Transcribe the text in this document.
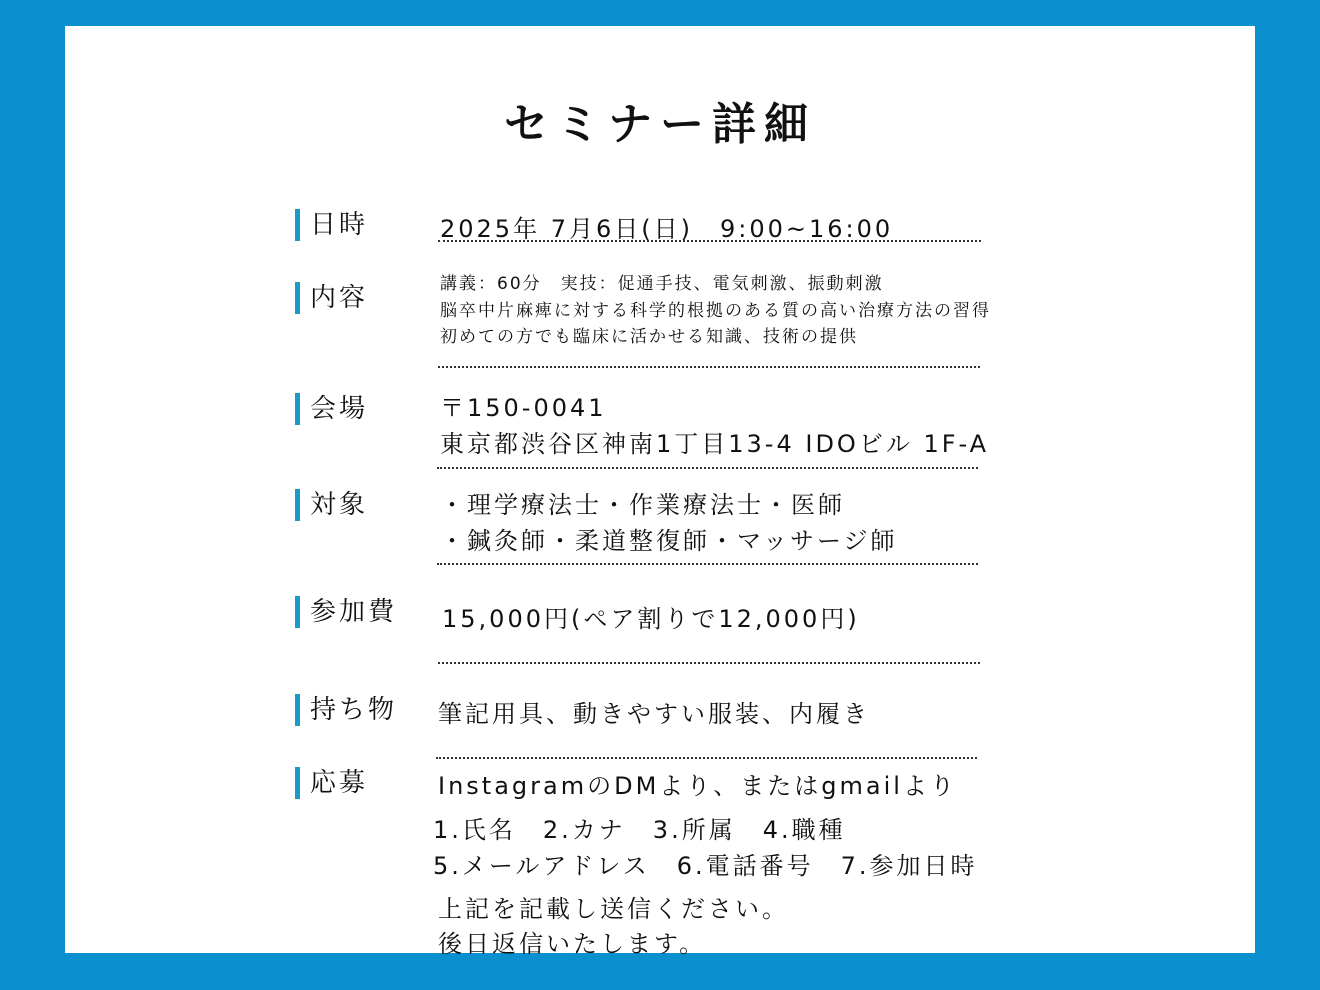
セミナー詳細
日時	2025年 7月6日(日)　9:00~16:00
内容	講義：60分　実技：促通手技、電気刺激、振動刺激
脳卒中片麻痺に対する科学的根拠のある質の高い治療方法の習得
初めての方でも臨床に活かせる知識、技術の提供
会場	〒150-0041
東京都渋谷区神南1丁目13-4 IDOビル 1F-A
対象	・理学療法士・作業療法士・医師
・鍼灸師・柔道整復師・マッサージ師
参加費 15,000円(ペア割りで12,000円)
持ち物 筆記用具、動きやすい服装、内履き
応募	InstagramのDMより、またはgmailより
1.氏名　2.カナ　3.所属　4.職種
5.メールアドレス　6.電話番号　7.参加日時
上記を記載し送信ください。
後日返信いたします。
